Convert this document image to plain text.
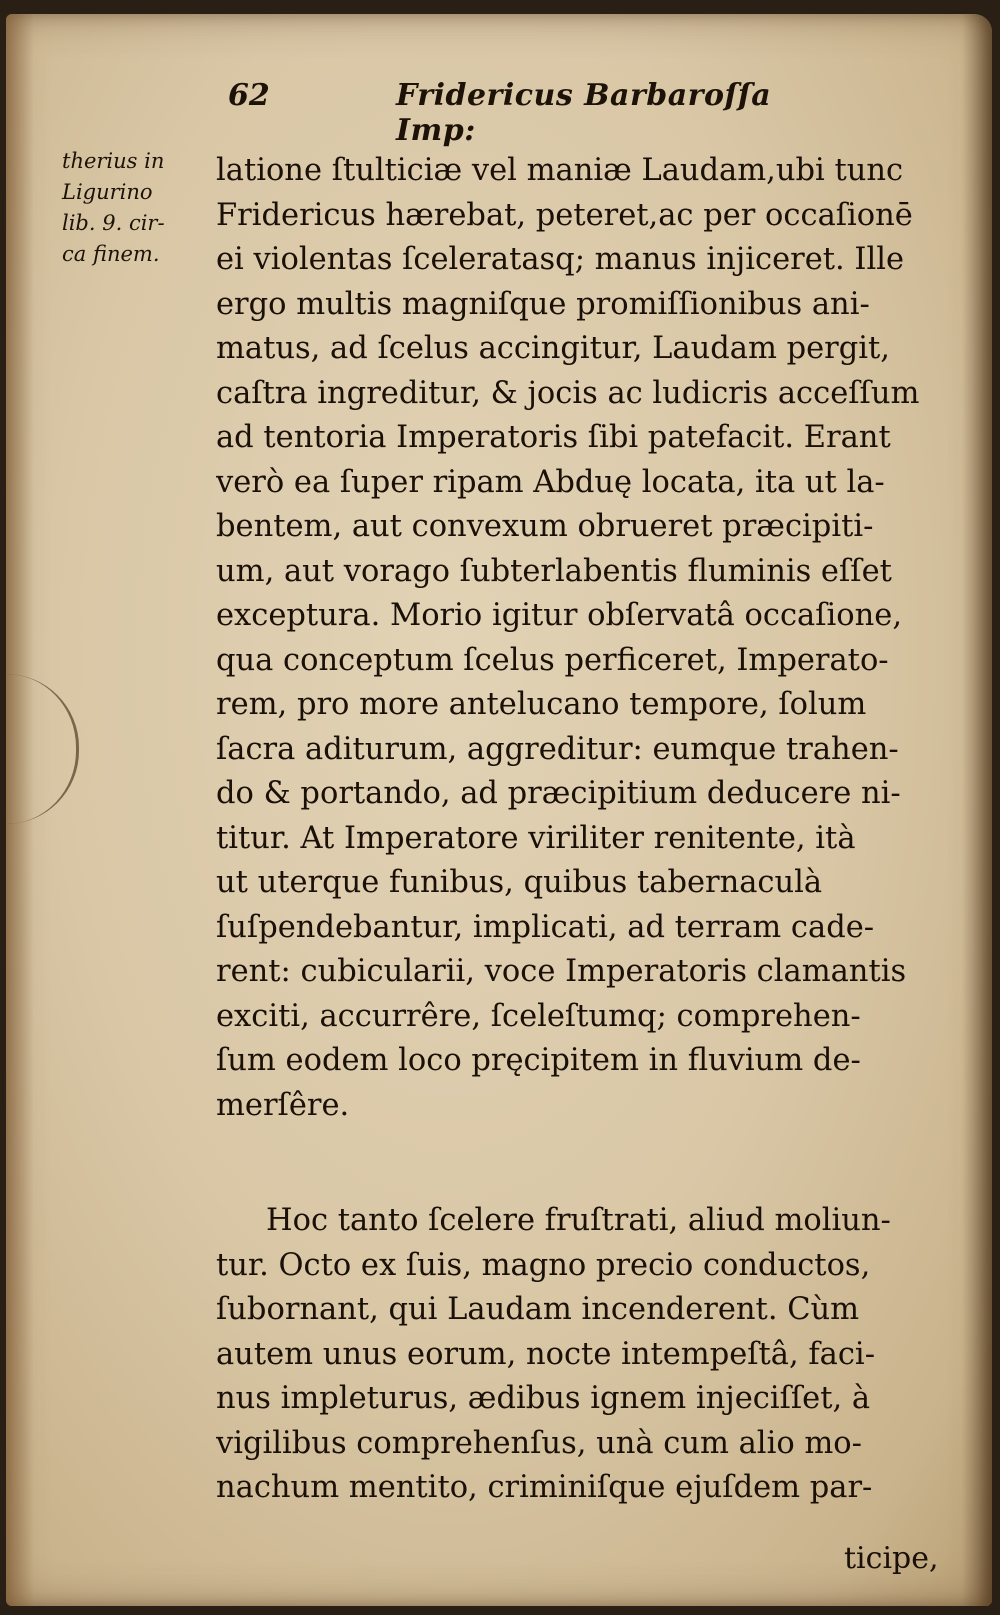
62	Fridericus Barbaroſſa Imp:
therius in
Ligurino
lib. 9. cir-
ca finem.
latione ſtulticiæ vel maniæ Laudam,ubi tunc
Fridericus hærebat, peteret,ac per occaſionē
ei violentas ſceleratasq; manus injiceret. Ille
ergo multis magniſque promiſſionibus ani-
matus, ad ſcelus accingitur, Laudam pergit,
caſtra ingreditur, & jocis ac ludicris acceſſum
ad tentoria Imperatoris ſibi patefacit. Erant
verò ea ſuper ripam Abduę locata, ita ut la-
bentem, aut convexum obrueret præcipiti-
um, aut vorago ſubterlabentis fluminis eſſet
exceptura. Morio igitur obſervatâ occaſione,
qua conceptum ſcelus perficeret, Imperato-
rem, pro more antelucano tempore, ſolum
ſacra aditurum, aggreditur: eumque trahen-
do & portando, ad præcipitium deducere ni-
titur. At Imperatore viriliter renitente, ità
ut uterque funibus, quibus tabernaculà
ſuſpendebantur, implicati, ad terram cade-
rent: cubicularii, voce Imperatoris clamantis
exciti, accurrêre, ſceleſtumq; comprehen-
ſum eodem loco pręcipitem in fluvium de-
merſêre.
Hoc tanto ſcelere fruſtrati, aliud moliun-
tur. Octo ex ſuis, magno precio conductos,
ſubornant, qui Laudam incenderent. Cùm
autem unus eorum, nocte intempeſtâ, faci-
nus impleturus, ædibus ignem injeciſſet, à
vigilibus comprehenſus, unà cum alio mo-
nachum mentito, criminiſque ejuſdem par-
ticipe,
